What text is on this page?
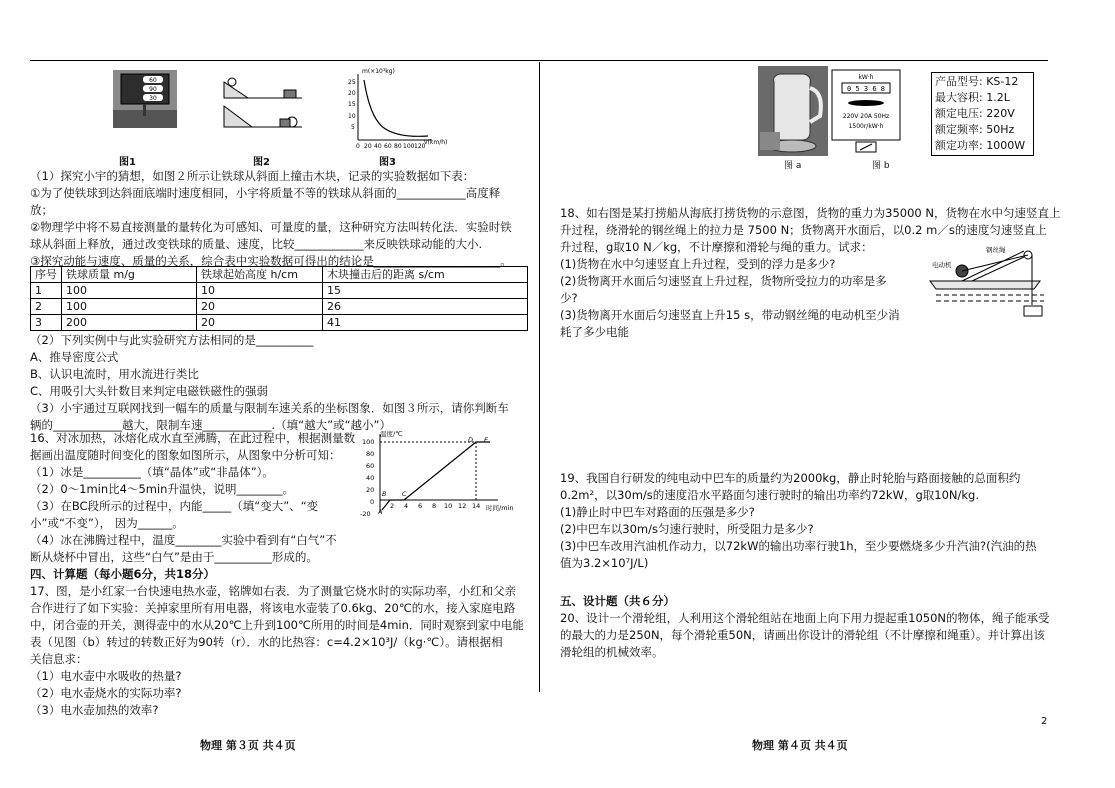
60
90
30
图1	图2
m(×10³kg)
v(km/h)
25
20
15
10
5
0 20 40 60 80 100 120
图3
（1）探究小宇的猜想，如图２所示让铁球从斜面上撞击木块，记录的实验数据如下表：
①为了使铁球到达斜面底端时速度相同，小宇将质量不等的铁球从斜面的____________高度释
放；
②物理学中将不易直接测量的量转化为可感知、可量度的量，这种研究方法叫转化法．实验时铁
球从斜面上释放，通过改变铁球的质量、速度，比较____________来反映铁球动能的大小.
③探究动能与速度、质量的关系，综合表中实验数据可得出的结论是______________________。
序号	铁球质量 m/g	铁球起始高度 h/cm	木块撞击后的距离 s/cm
1	100	10	15
2	100	20	26
3	200	20	41
（2）下列实例中与此实验研究方法相同的是__________
A、推导密度公式
B、认识电流时，用水流进行类比
C、用吸引大头针数目来判定电磁铁磁性的强弱
（3）小宇通过互联网找到一幅车的质量与限制车速关系的坐标图象．如图３所示，请你判断车
辆的____________越大，限制车速____________.（填“越大”或“越小”）
16、对冰加热，冰熔化成水直至沸腾，在此过程中，根据测量数
据画出温度随时间变化的图象如图所示，从图象中分析可知：
（1）冰是__________（填“晶体”或“非晶体”）。
（2）0～1min比4～5min升温快，说明________。
（3）在BC段所示的过程中，内能_____（填“变大”、“变
小”或“不变”）， 因为______。
（4）冰在沸腾过程中，温度________实验中看到有“白气”不
断从烧杯中冒出，这些“白气”是由于__________形成的。
温度/℃
时间/min
100
80
60
40
20
0
-20
2 4 6 8 10 12 14
A
B C
D E
四、计算题（每小题6分，共18分）
17、图，是小红家一台快速电热水壶，铭牌如右表．为了测量它烧水时的实际功率，小红和父亲
合作进行了如下实验：关掉家里所有用电器，将该电水壶装了0.6kg、20℃的水，接入家庭电路
中，闭合壶的开关，测得壶中的水从20℃上升到100℃所用的时间是4min．同时观察到家中电能
表（见图（b）转过的转数正好为90转（r）．水的比热容：c=4.2×10³J/（kg·℃）。请根据相
关信息求：
（1）电水壶中水吸收的热量?
（2）电水壶烧水的实际功率?
（3）电水壶加热的效率?
物理 第３页 共４页
图 a
kW·h
220V 20A 50Hz
1500r/kW·h
0 5 3 6 8
图 b
产品型号: KS-12
最大容积: 1.2L
额定电压: 220V
额定频率: 50Hz
额定功率: 1000W
18、如右图是某打捞船从海底打捞货物的示意图，货物的重力为35000 N，货物在水中匀速竖直上
升过程，绕滑轮的钢丝绳上的拉力是 7500 N；货物离开水面后，以0.2 m／s的速度匀速竖直上
升过程，g取10 N／kg，不计摩擦和滑轮与绳的重力。试求：
(1)货物在水中匀速竖直上升过程，受到的浮力是多少?
(2)货物离开水面后匀速竖直上升过程，货物所受拉力的功率是多
少?
(3)货物离开水面后匀速竖直上升15 s，带动钢丝绳的电动机至少消
耗了多少电能
钢丝绳
电动机
19、我国自行研发的纯电动中巴车的质量约为2000kg，静止时轮胎与路面接触的总面积约
0.2m²，以30m/s的速度沿水平路面匀速行驶时的输出功率约72kW，g取10N/kg.
(1)静止时中巴车对路面的压强是多少?
(2)中巴车以30m/s匀速行驶时，所受阻力是多少?
(3)中巴车改用汽油机作动力，以72kW的输出功率行驶1h，至少要燃烧多少升汽油?(汽油的热
值为3.2×10⁷J/L)
五、设计题（共６分）
20、设计一个滑轮组，人利用这个滑轮组站在地面上向下用力提起重1050N的物体，绳子能承受
的最大的力是250N，每个滑轮重50N，请画出你设计的滑轮组（不计摩擦和绳重）。并计算出该
滑轮组的机械效率。
2
物理 第４页 共４页
